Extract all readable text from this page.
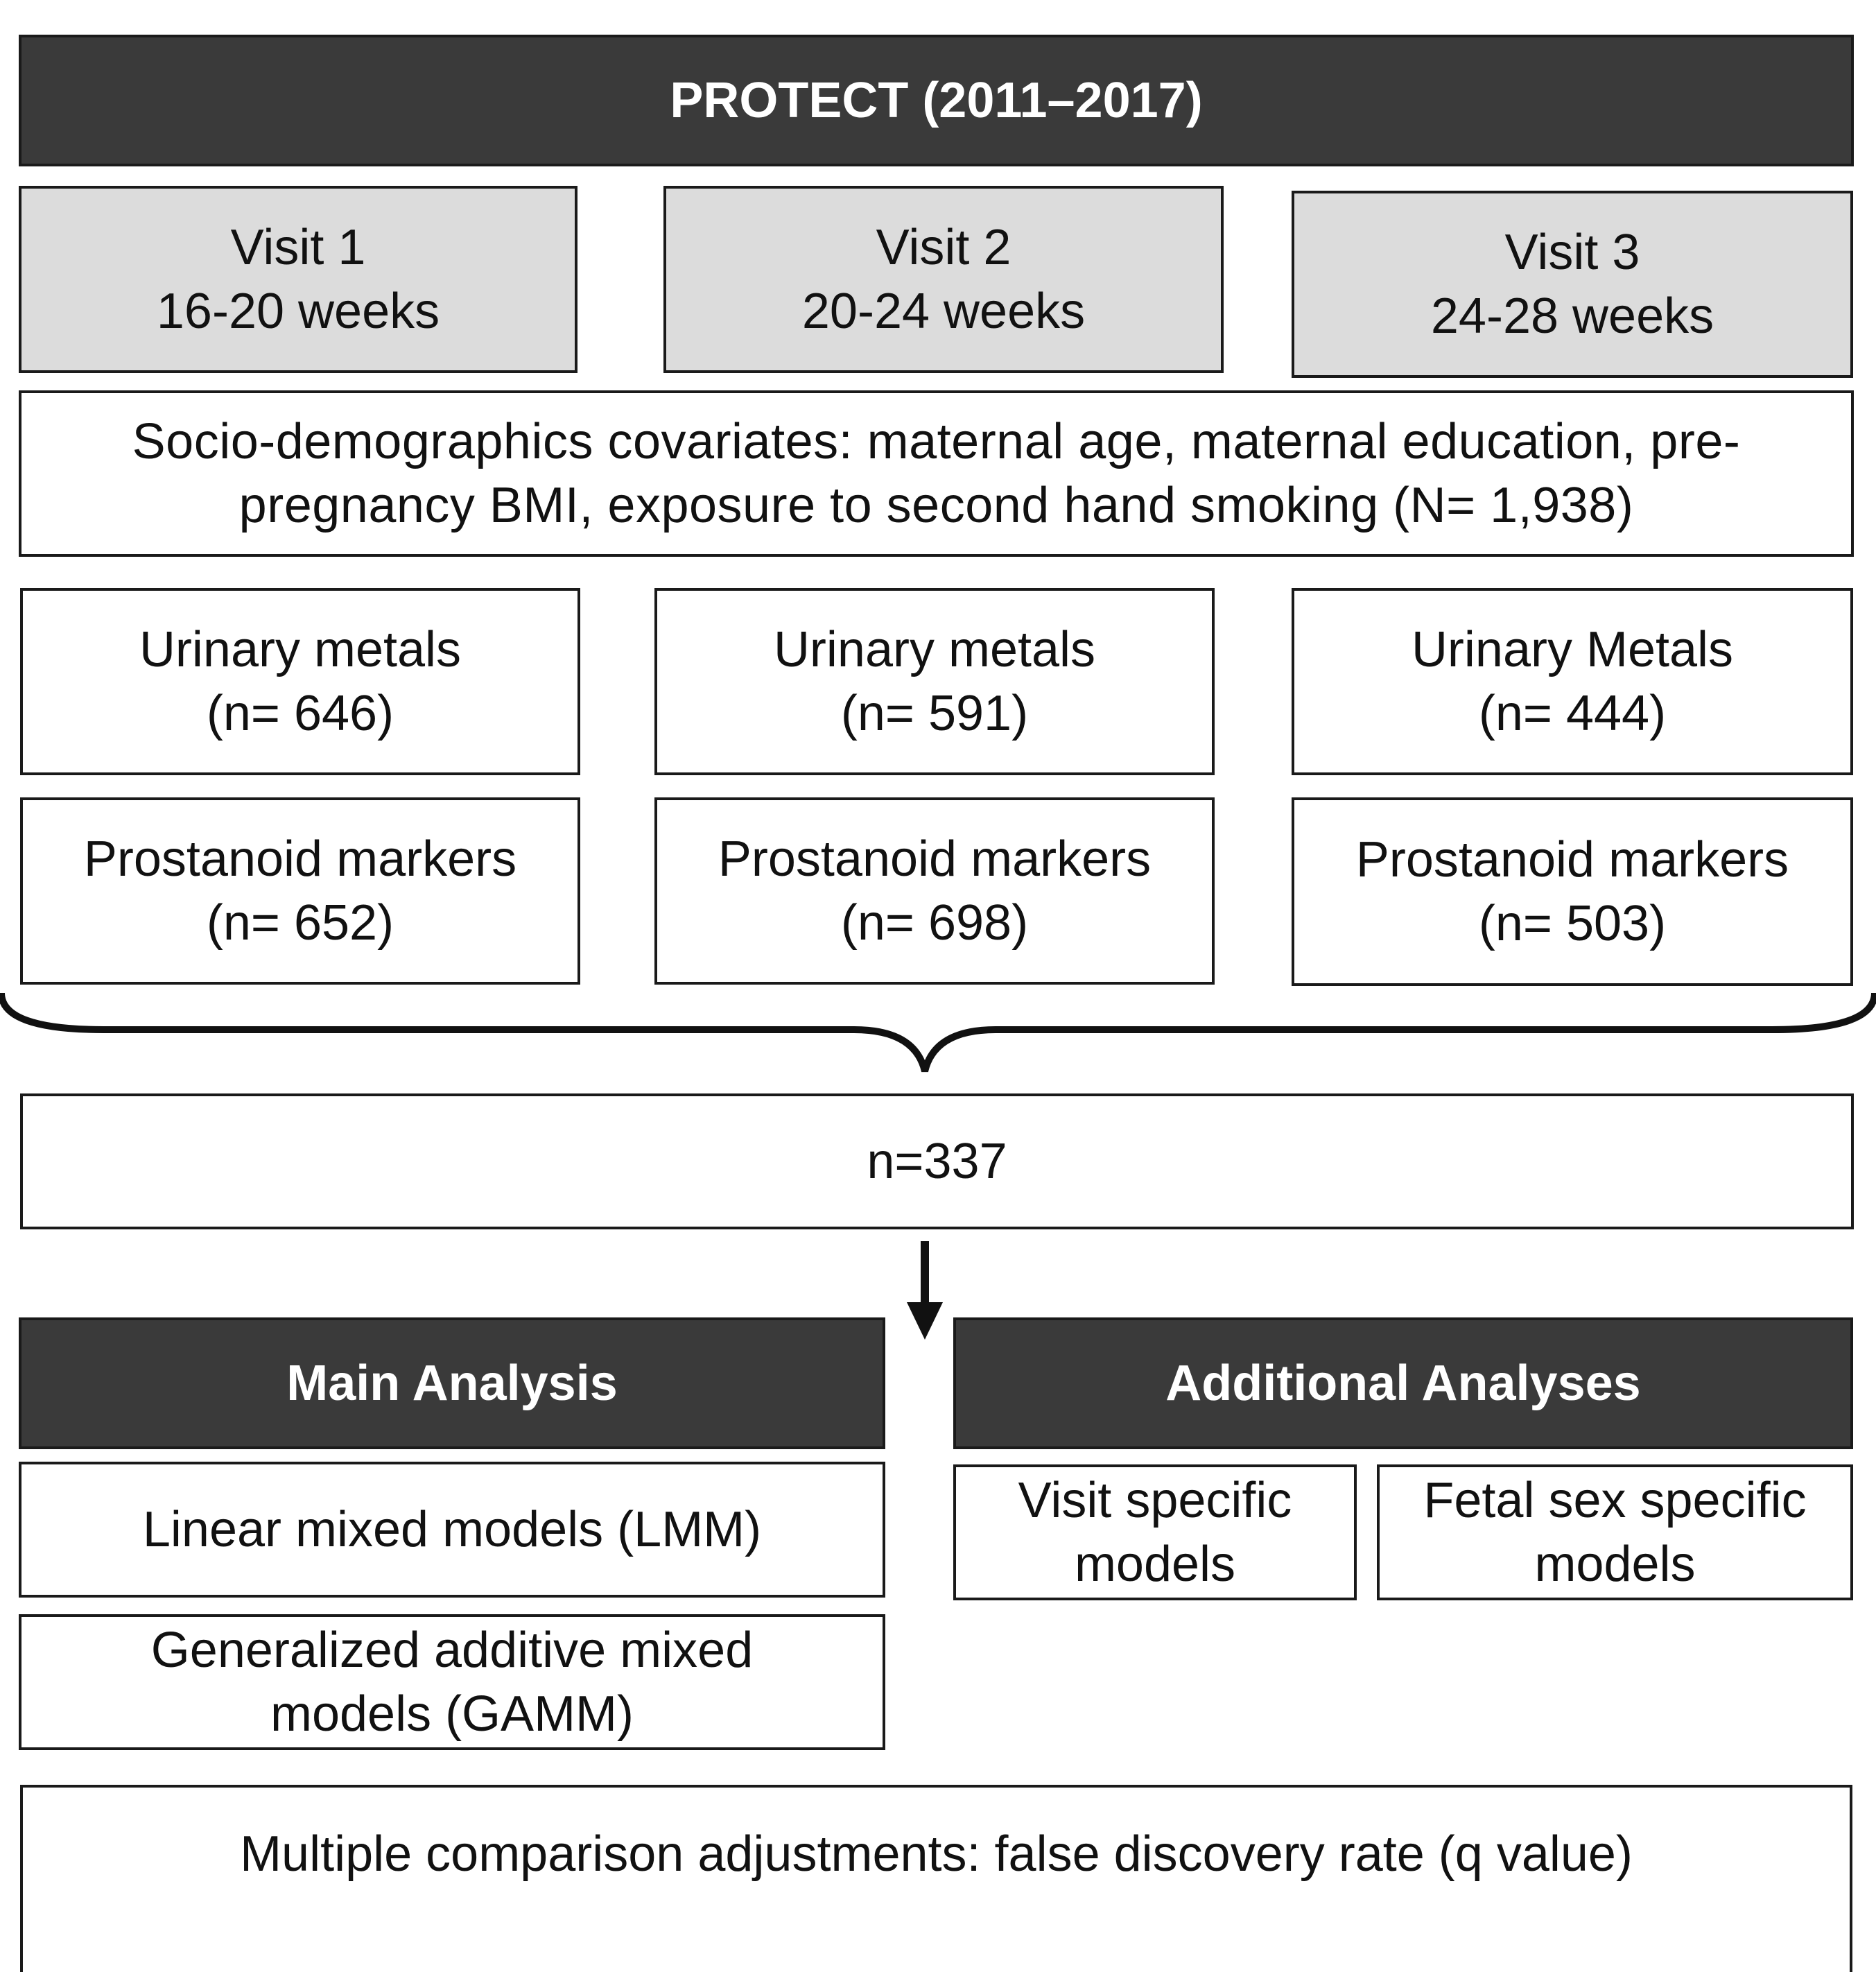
PROTECT (2011–2017)
Visit 1
16-20 weeks
Visit 2
20-24 weeks
Visit 3
24-28 weeks
Socio-demographics covariates: maternal age, maternal education, pre-
pregnancy BMI, exposure to second hand smoking (N= 1,938)
Urinary metals
(n= 646)
Urinary metals
(n= 591)
Urinary Metals
(n= 444)
Prostanoid markers
(n= 652)
Prostanoid markers
(n= 698)
Prostanoid markers
(n= 503)
n=337
Main Analysis
Linear mixed models (LMM)
Generalized additive mixed
models (GAMM)
Additional Analyses
Visit specific
models
Fetal sex specific
models
Multiple comparison adjustments: false discovery rate (q value)
